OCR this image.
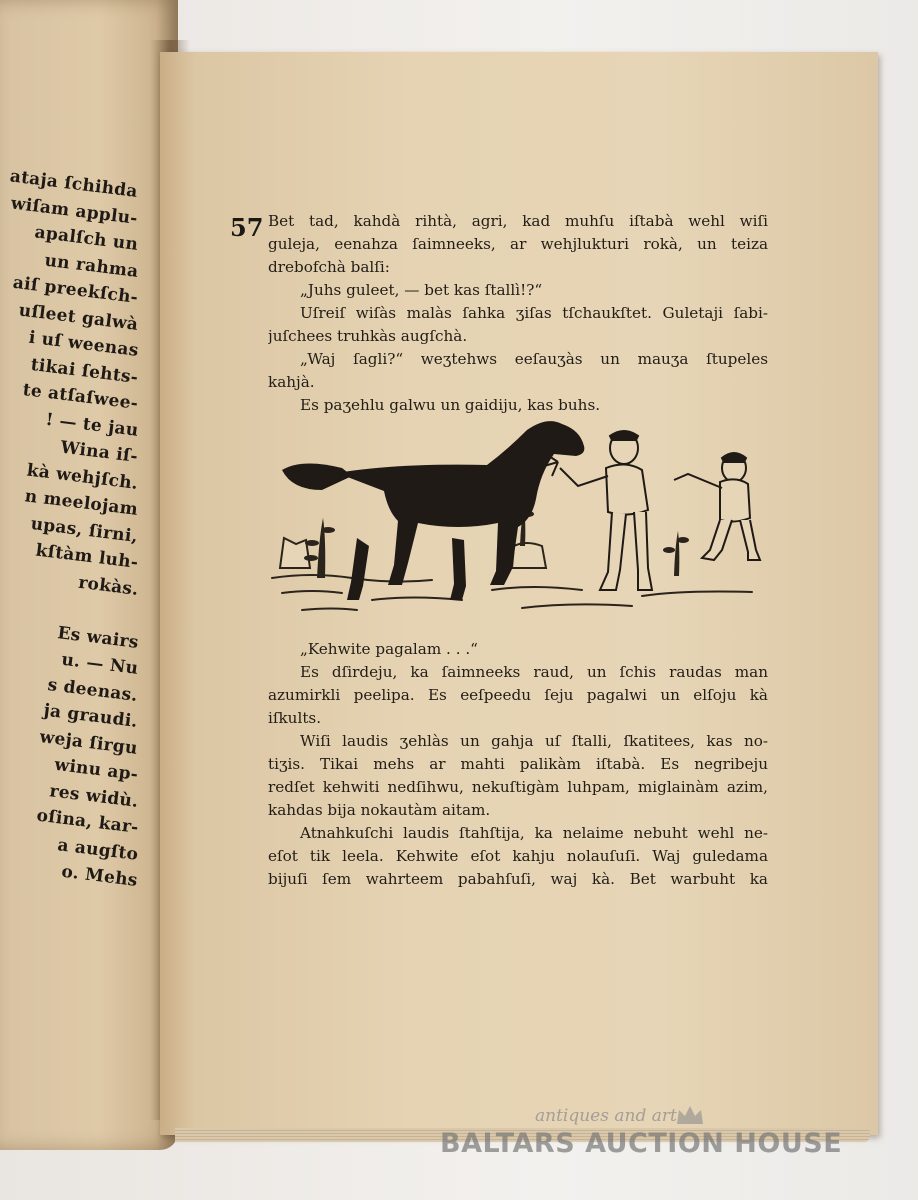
ataja ſchihda
wiſam applu-
apalſch un
un rahma
aiſ preekſch-
uſleet galwà
i uſ weenas
tikai ſehts-
te atſaſwee-
! — te jau
Wina iſ-
kà wehjſch.
n meelojam
upas, ſirni,
kſtàm luh-
rokàs.
Es wairs
u. — Nu
s deenas.
ja graudi.
weja ſirgu
winu ap-
res widù.
oſina, kar-
a augſto
o. Mehs
57 Bet tad, kahdà rihtà, agri, kad muhſu iſtabà wehl wiſi
guleja, eenahza ſaimneeks, ar wehjlukturi rokà, un teiza
drebofchà balſi:
„Juhs guleet, — bet kas ſtallì!?“
Uſreiſ wiſàs malàs ſahka ʒiſas tſchaukſtet. Guletaji ſabi-
juſchees truhkàs augſchà.
„Waj ſagli?“ weʒtehws eeſauʒàs un mauʒa ſtupeles
kahjà.
Es paʒehlu galwu un gaidiju, kas buhs.
„Kehwite pagalam . . .“
Es dſirdeju, ka ſaimneeks raud, un ſchis raudas man
azumirkli peelipa. Es eeſpeedu ſeju pagalwi un elſoju kà
iſkults.
Wiſi laudis ʒehlàs un gahja uſ ſtalli, ſkatitees, kas no-
tiʒis. Tikai mehs ar mahti palikàm iſtabà. Es negribeju
redſet kehwiti nedſihwu, nekuſtigàm luhpam, miglainàm azim,
kahdas bija nokautàm aitam.
Atnahkuſchi laudis ſtahſtija, ka nelaime nebuht wehl ne-
eſot tik leela. Kehwite eſot kahju nolauſuſi. Waj guledama
bijuſi ſem wahrteem pabahſuſi, waj kà. Bet warbuht ka
antiques and art
BALTARS AUCTION HOUSE
